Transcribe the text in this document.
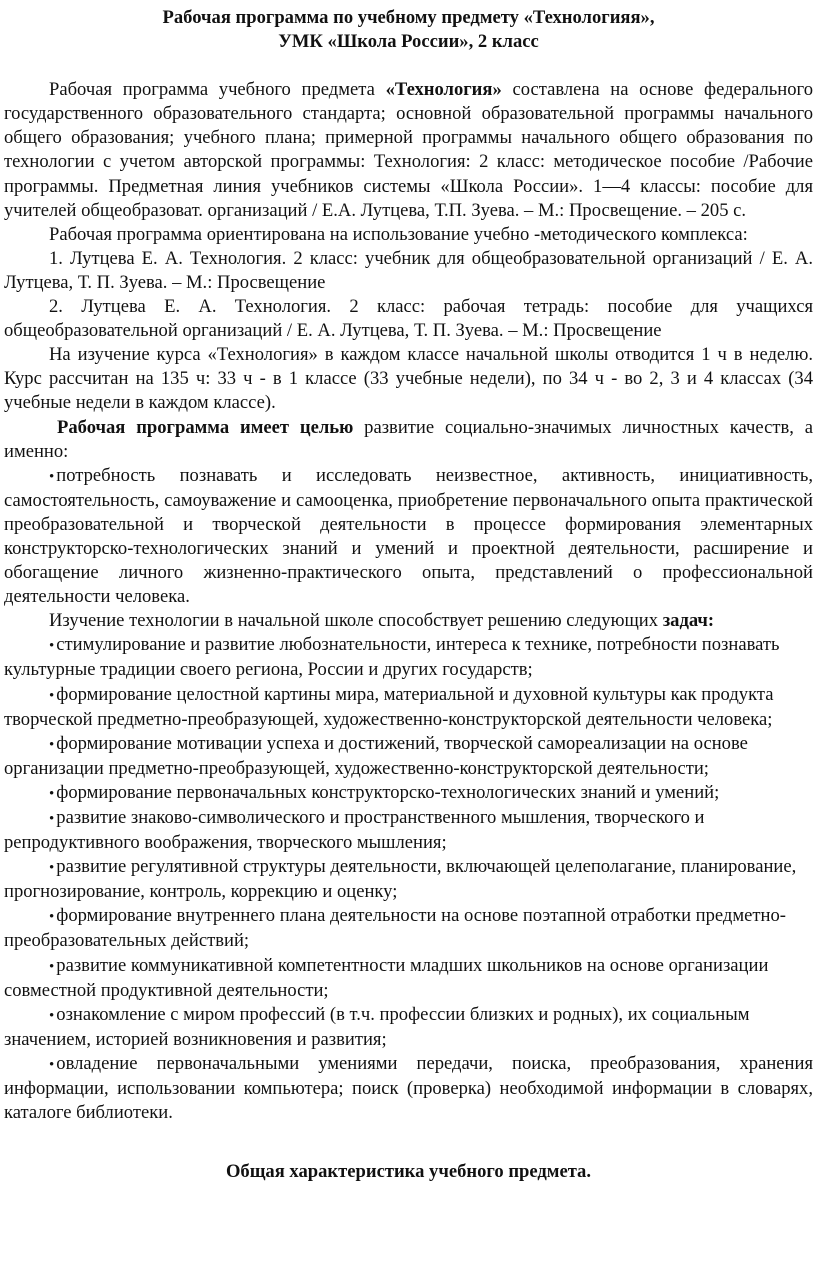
Рабочая программа по учебному предмету «Технологияя»,

УМК «Школа России», 2 класс

Рабочая программа учебного предмета «Технология» составлена на основе федерального государственного образовательного стандарта; основной образовательной программы начального общего образования; учебного плана; примерной программы начального общего образования по технологии с учетом авторской программы: Технология: 2 класс: методическое пособие /Рабочие программы. Предметная линия учебников системы «Школа России». 1—4 классы: пособие для учителей общеобразоват. организаций / Е.А. Лутцева, Т.П. Зуева. – М.: Просвещение. – 205 с.

Рабочая программа ориентирована на использование учебно -методического комплекса:

1. Лутцева Е. А. Технология. 2 класс: учебник для общеобразовательной организаций / Е. А. Лутцева, Т. П. Зуева. – М.: Просвещение

2. Лутцева Е. А. Технология. 2 класс: рабочая тетрадь: пособие для учащихся общеобразовательной организаций / Е. А. Лутцева, Т. П. Зуева. – М.: Просвещение

На изучение курса «Технология» в каждом классе начальной школы отводится 1 ч в неделю. Курс рассчитан на 135 ч: 33 ч - в 1 классе (33 учебные недели), по 34 ч - во 2, 3 и 4 классах (34 учебные недели в каждом классе).

Рабочая программа имеет целью развитие социально-значимых личностных качеств, а именно:

• потребность познавать и исследовать неизвестное, активность, инициативность, самостоятельность, самоуважение и самооценка, приобретение первоначального опыта практической преобразовательной и творческой деятельности в процессе формирования элементарных конструкторско-технологических знаний и умений и проектной деятельности, расширение и обогащение личного жизненно-практического опыта, представлений о профессиональной деятельности человека.

Изучение технологии в начальной школе способствует решению следующих задач:

• стимулирование и развитие любознательности, интереса к технике, потребности познавать культурные традиции своего региона, России и других государств;

• формирование целостной картины мира, материальной и духовной культуры как продукта творческой предметно-преобразующей, художественно-конструкторской деятельности человека;

• формирование мотивации успеха и достижений, творческой самореализации на основе организации предметно-преобразующей, художественно-конструкторской деятельности;

• формирование первоначальных конструкторско-технологических знаний и умений;

• развитие знаково-символического и пространственного мышления, творческого и репродуктивного воображения, творческого мышления;

• развитие регулятивной структуры деятельности, включающей целеполагание, планирование, прогнозирование, контроль, коррекцию и оценку;

• формирование внутреннего плана деятельности на основе поэтапной отработки предметно- преобразовательных действий;

• развитие коммуникативной компетентности младших школьников на основе организации совместной продуктивной деятельности;

• ознакомление с миром профессий (в т.ч. профессии близких и родных), их социальным значением, историей возникновения и развития;

• овладение первоначальными умениями передачи, поиска, преобразования, хранения информации, использовании компьютера; поиск (проверка) необходимой информации в словарях, каталоге библиотеки.

Общая характеристика учебного предмета.
